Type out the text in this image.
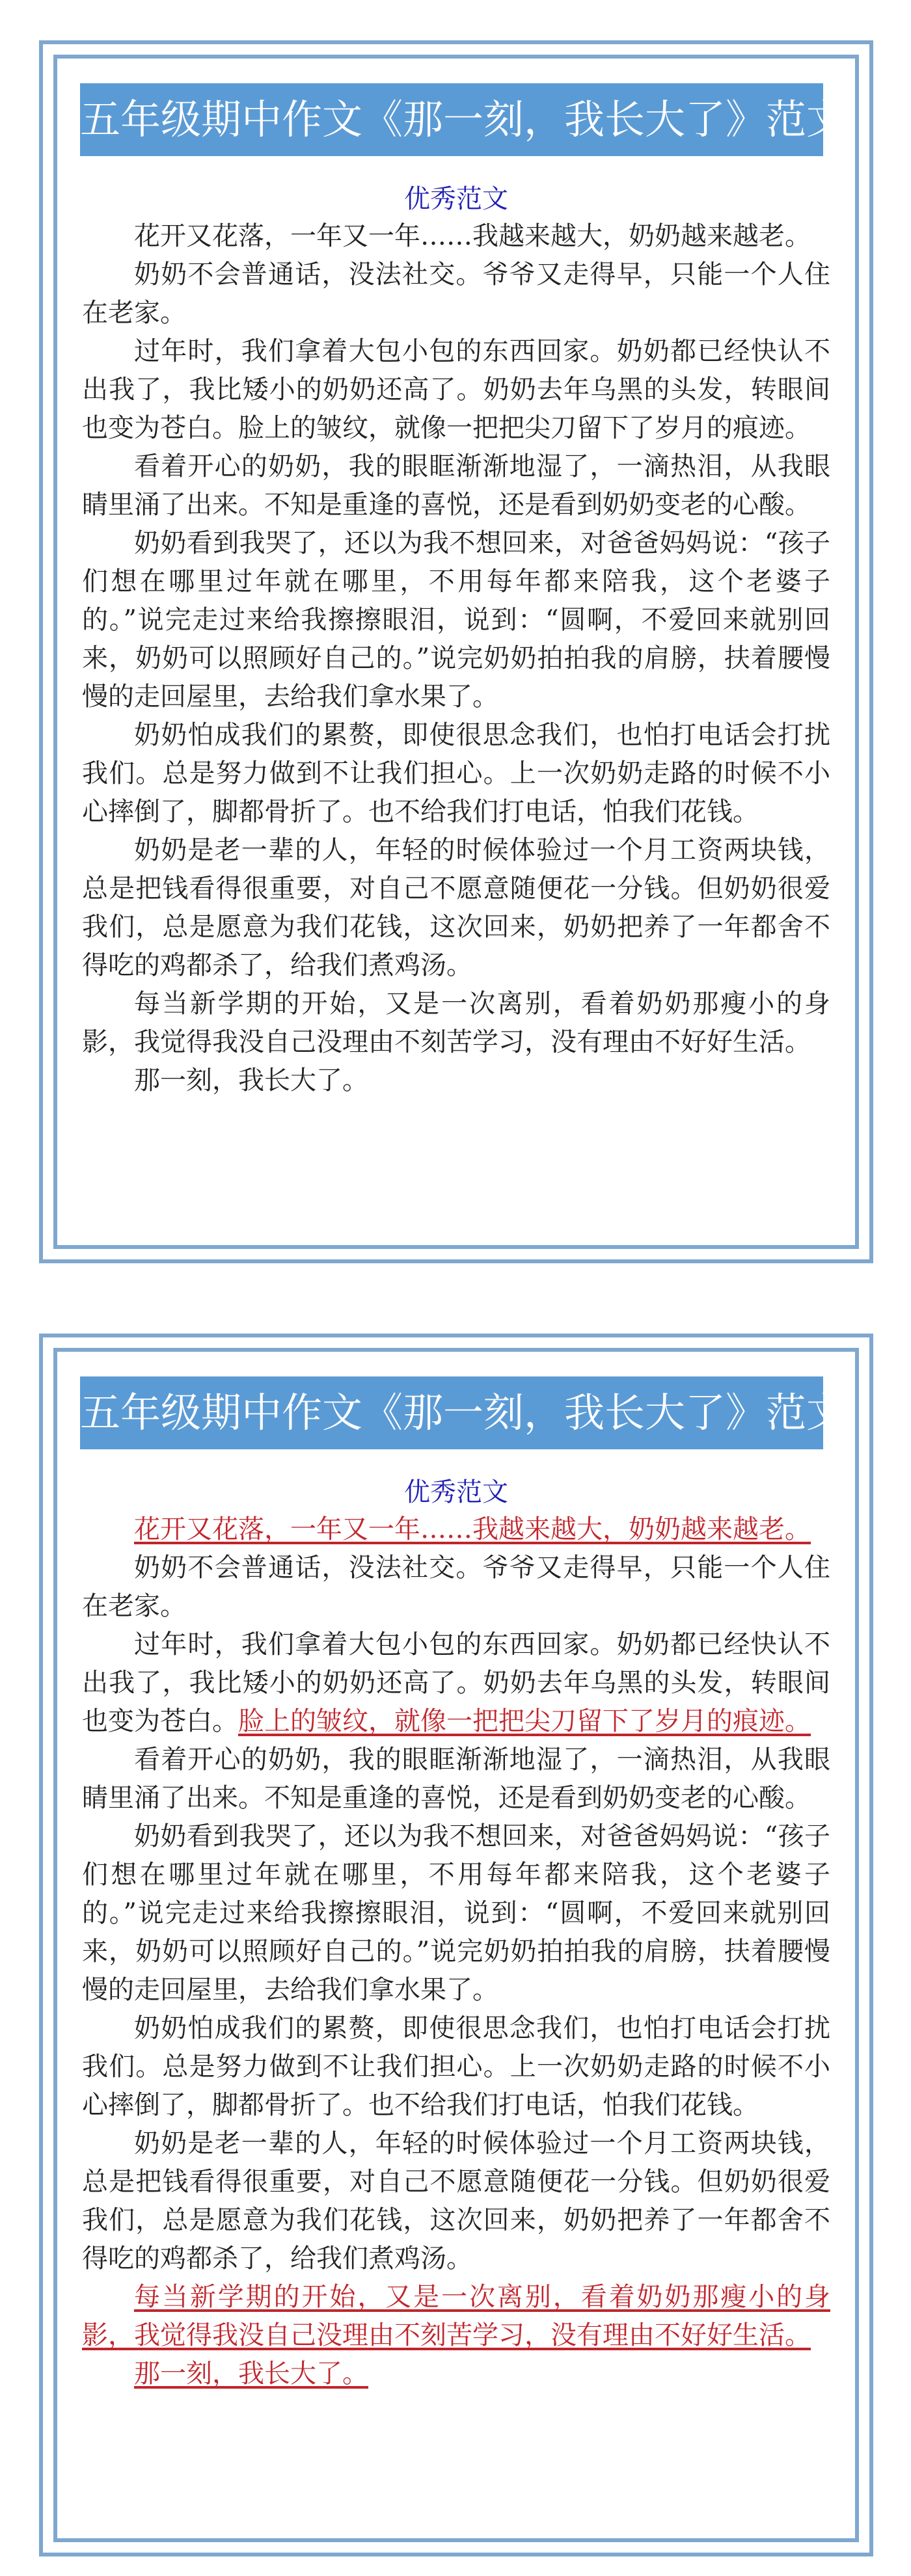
五年级期中作文《那一刻，我长大了》范文
优秀范文

花开又花落，一年又一年……我越来越大，奶奶越来越老。

奶奶不会普通话，没法社交。爷爷又走得早，只能一个人住在老家。

过年时，我们拿着大包小包的东西回家。奶奶都已经快认不出我了，我比矮小的奶奶还高了。奶奶去年乌黑的头发，转眼间也变为苍白。脸上的皱纹，就像一把把尖刀留下了岁月的痕迹。

看着开心的奶奶，我的眼眶渐渐地湿了，一滴热泪，从我眼睛里涌了出来。不知是重逢的喜悦，还是看到奶奶变老的心酸。

奶奶看到我哭了，还以为我不想回来，对爸爸妈妈说：“孩子们想在哪里过年就在哪里，不用每年都来陪我，这个老婆子的。”说完走过来给我擦擦眼泪，说到：“圆啊，不爱回来就别回来，奶奶可以照顾好自己的。”说完奶奶拍拍我的肩膀，扶着腰慢慢的走回屋里，去给我们拿水果了。

奶奶怕成我们的累赘，即使很思念我们，也怕打电话会打扰我们。总是努力做到不让我们担心。上一次奶奶走路的时候不小心摔倒了，脚都骨折了。也不给我们打电话，怕我们花钱。

奶奶是老一辈的人，年轻的时候体验过一个月工资两块钱，总是把钱看得很重要，对自己不愿意随便花一分钱。但奶奶很爱我们，总是愿意为我们花钱，这次回来，奶奶把养了一年都舍不得吃的鸡都杀了，给我们煮鸡汤。

每当新学期的开始，又是一次离别，看着奶奶那瘦小的身影，我觉得我没自己没理由不刻苦学习，没有理由不好好生活。

那一刻，我长大了。

五年级期中作文《那一刻，我长大了》范文
优秀范文

花开又花落，一年又一年……我越来越大，奶奶越来越老。

奶奶不会普通话，没法社交。爷爷又走得早，只能一个人住在老家。

过年时，我们拿着大包小包的东西回家。奶奶都已经快认不出我了，我比矮小的奶奶还高了。奶奶去年乌黑的头发，转眼间也变为苍白。脸上的皱纹，就像一把把尖刀留下了岁月的痕迹。

看着开心的奶奶，我的眼眶渐渐地湿了，一滴热泪，从我眼睛里涌了出来。不知是重逢的喜悦，还是看到奶奶变老的心酸。

奶奶看到我哭了，还以为我不想回来，对爸爸妈妈说：“孩子们想在哪里过年就在哪里，不用每年都来陪我，这个老婆子的。”说完走过来给我擦擦眼泪，说到：“圆啊，不爱回来就别回来，奶奶可以照顾好自己的。”说完奶奶拍拍我的肩膀，扶着腰慢慢的走回屋里，去给我们拿水果了。

奶奶怕成我们的累赘，即使很思念我们，也怕打电话会打扰我们。总是努力做到不让我们担心。上一次奶奶走路的时候不小心摔倒了，脚都骨折了。也不给我们打电话，怕我们花钱。

奶奶是老一辈的人，年轻的时候体验过一个月工资两块钱，总是把钱看得很重要，对自己不愿意随便花一分钱。但奶奶很爱我们，总是愿意为我们花钱，这次回来，奶奶把养了一年都舍不得吃的鸡都杀了，给我们煮鸡汤。

每当新学期的开始，又是一次离别，看着奶奶那瘦小的身影，我觉得我没自己没理由不刻苦学习，没有理由不好好生活。

那一刻，我长大了。
